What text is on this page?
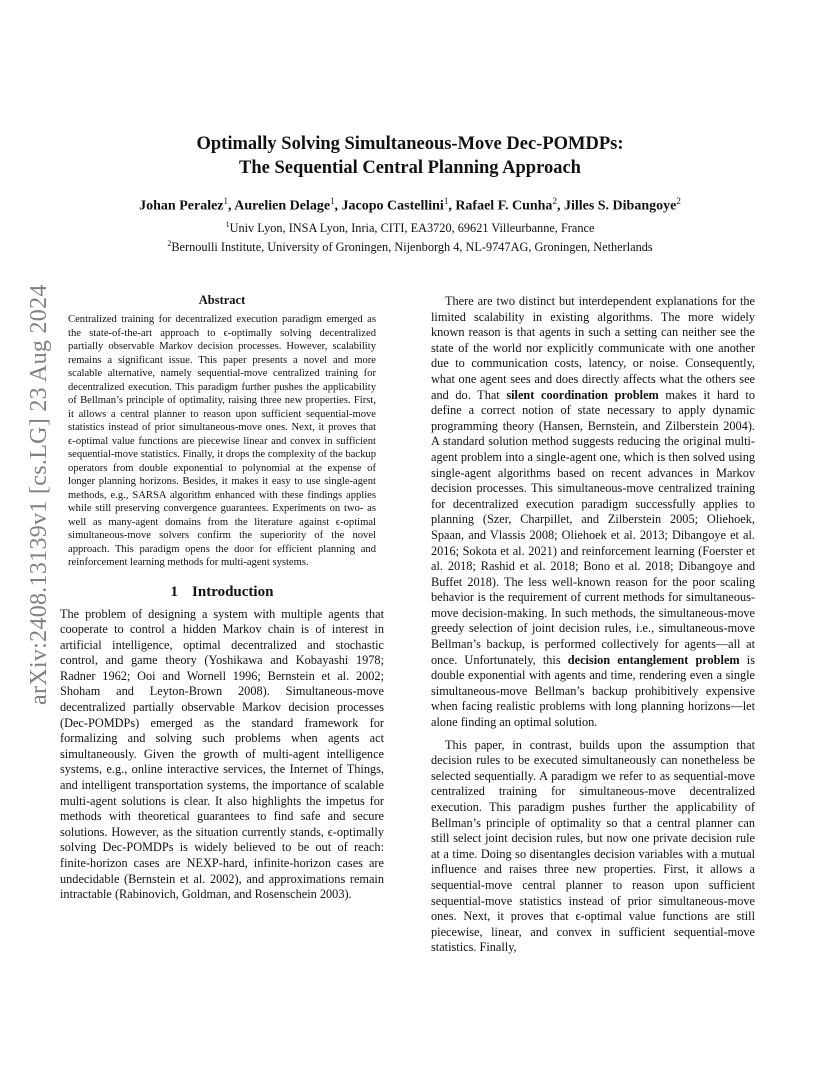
arXiv:2408.13139v1 [cs.LG] 23 Aug 2024
Optimally Solving Simultaneous-Move Dec-POMDPs:
The Sequential Central Planning Approach
Johan Peralez$^1$, Aurelien Delage$^1$, Jacopo Castellini$^1$, Rafael F. Cunha$^2$, Jilles S. Dibangoye$^2$
$^1$Univ Lyon, INSA Lyon, Inria, CITI, EA3720, 69621 Villeurbanne, France
$^2$Bernoulli Institute, University of Groningen, Nijenborgh 4, NL-9747AG, Groningen, Netherlands
Abstract
Centralized training for decentralized execution paradigm emerged as the state-of-the-art approach to ϵ-optimally solving decentralized partially observable Markov decision processes. However, scalability remains a significant issue. This paper presents a novel and more scalable alternative, namely sequential-move centralized training for decentralized execution. This paradigm further pushes the applicability of Bellman’s principle of optimality, raising three new properties. First, it allows a central planner to reason upon sufficient sequential-move statistics instead of prior simultaneous-move ones. Next, it proves that ϵ-optimal value functions are piecewise linear and convex in sufficient sequential-move statistics. Finally, it drops the complexity of the backup operators from double exponential to polynomial at the expense of longer planning horizons. Besides, it makes it easy to use single-agent methods, e.g., SARSA algorithm enhanced with these findings applies while still preserving convergence guarantees. Experiments on two- as well as many-agent domains from the literature against ϵ-optimal simultaneous-move solvers confirm the superiority of the novel approach. This paradigm opens the door for efficient planning and reinforcement learning methods for multi-agent systems.
1 Introduction

The problem of designing a system with multiple agents that cooperate to control a hidden Markov chain is of interest in artificial intelligence, optimal decentralized and stochastic control, and game theory (Yoshikawa and Kobayashi 1978; Radner 1962; Ooi and Wornell 1996; Bernstein et al. 2002; Shoham and Leyton-Brown 2008). Simultaneous-move decentralized partially observable Markov decision processes (Dec-POMDPs) emerged as the standard framework for formalizing and solving such problems when agents act simultaneously. Given the growth of multi-agent intelligence systems, e.g., online interactive services, the Internet of Things, and intelligent transportation systems, the importance of scalable multi-agent solutions is clear. It also highlights the impetus for methods with theoretical guarantees to find safe and secure solutions. However, as the situation currently stands, ϵ-optimally solving Dec-POMDPs is widely believed to be out of reach: finite-horizon cases are NEXP-hard, infinite-horizon cases are undecidable (Bernstein et al. 2002), and approximations remain intractable (Rabinovich, Goldman, and Rosenschein 2003).

There are two distinct but interdependent explanations for the limited scalability in existing algorithms. The more widely known reason is that agents in such a setting can neither see the state of the world nor explicitly communicate with one another due to communication costs, latency, or noise. Consequently, what one agent sees and does directly affects what the others see and do. That silent coordination problem makes it hard to define a correct notion of state necessary to apply dynamic programming theory (Hansen, Bernstein, and Zilberstein 2004). A standard solution method suggests reducing the original multi-agent problem into a single-agent one, which is then solved using single-agent algorithms based on recent advances in Markov decision processes. This simultaneous-move centralized training for decentralized execution paradigm successfully applies to planning (Szer, Charpillet, and Zilberstein 2005; Oliehoek, Spaan, and Vlassis 2008; Oliehoek et al. 2013; Dibangoye et al. 2016; Sokota et al. 2021) and reinforcement learning (Foerster et al. 2018; Rashid et al. 2018; Bono et al. 2018; Dibangoye and Buffet 2018). The less well-known reason for the poor scaling behavior is the requirement of current methods for simultaneous-move decision-making. In such methods, the simultaneous-move greedy selection of joint decision rules, i.e., simultaneous-move Bellman’s backup, is performed collectively for agents—all at once. Unfortunately, this decision entanglement problem is double exponential with agents and time, rendering even a single simultaneous-move Bellman’s backup prohibitively expensive when facing realistic problems with long planning horizons—let alone finding an optimal solution.

This paper, in contrast, builds upon the assumption that decision rules to be executed simultaneously can nonetheless be selected sequentially. A paradigm we refer to as sequential-move centralized training for simultaneous-move decentralized execution. This paradigm pushes further the applicability of Bellman’s principle of optimality so that a central planner can still select joint decision rules, but now one private decision rule at a time. Doing so disentangles decision variables with a mutual influence and raises three new properties. First, it allows a sequential-move central planner to reason upon sufficient sequential-move statistics instead of prior simultaneous-move ones. Next, it proves that ϵ-optimal value functions are still piecewise, linear, and convex in sufficient sequential-move statistics. Finally,
